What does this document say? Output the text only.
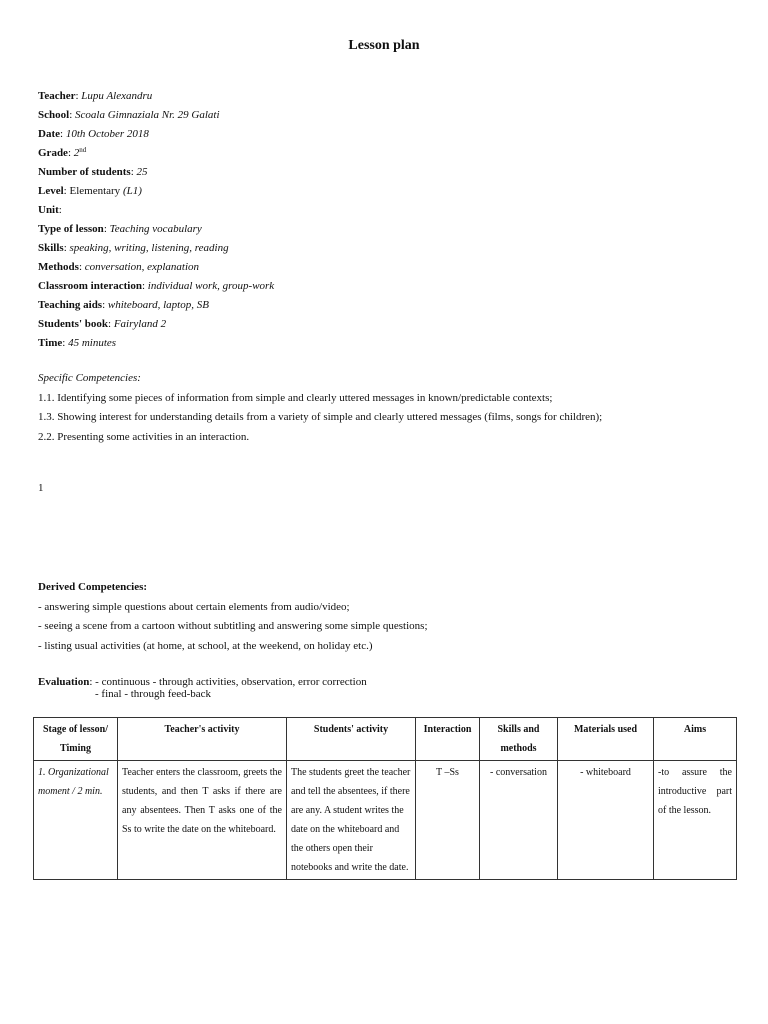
Lesson plan
Teacher: Lupu Alexandru
School: Scoala Gimnaziala Nr. 29 Galati
Date: 10th October 2018
Grade: 2nd
Number of students: 25
Level: Elementary (L1)
Unit:
Type of lesson: Teaching vocabulary
Skills: speaking, writing, listening, reading
Methods: conversation, explanation
Classroom interaction: individual work, group-work
Teaching aids: whiteboard, laptop, SB
Students' book: Fairyland 2
Time: 45 minutes
Specific Competencies:
1.1. Identifying some pieces of information from simple and clearly uttered messages in known/predictable contexts;
1.3. Showing interest for understanding details from a variety of simple and clearly uttered messages (films, songs for children);
2.2. Presenting some activities in an interaction.
1
Derived Competencies:
- answering simple questions about certain elements from audio/video;
- seeing a scene from a cartoon without subtitling and answering some simple questions;
- listing usual activities (at home, at school, at the weekend, on holiday etc.)
Evaluation: - continuous - through activities, observation, error correction
- final - through feed-back
Stage of lesson/ Timing	Teacher's activity	Students' activity	Interaction	Skills and methods	Materials used	Aims
1. Organizational moment / 2 min.	Teacher enters the classroom, greets the students, and then T asks if there are any absentees. Then T asks one of the Ss to write the date on the whiteboard.	The students greet the teacher and tell the absentees, if there are any. A student writes the date on the whiteboard and the others open their notebooks and write the date.	T –Ss	- conversation	- whiteboard	-to assure the introductive part of the lesson.
